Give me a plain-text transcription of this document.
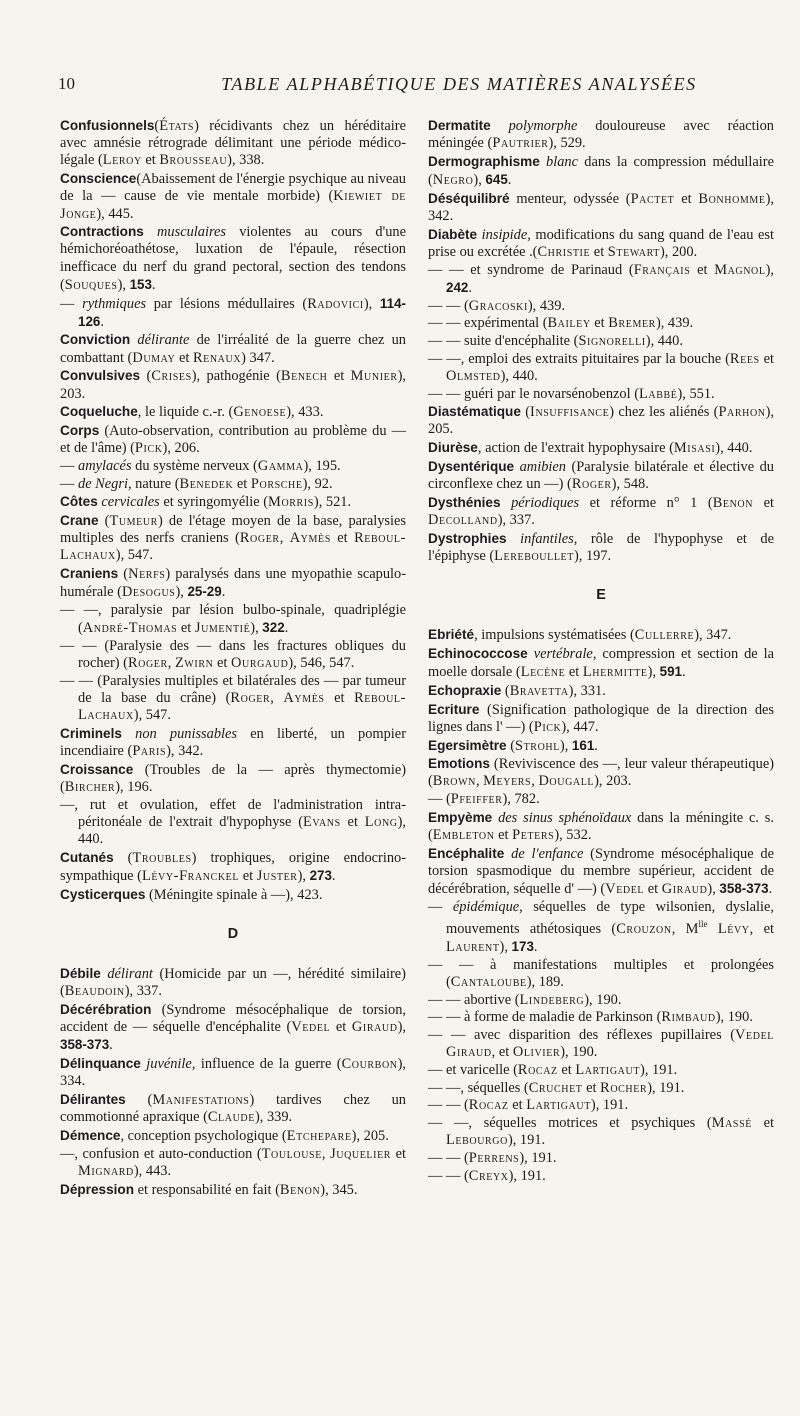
10	TABLE ALPHABÉTIQUE DES MATIÈRES ANALYSÉES

Confusionnels(États) récidivants chez un héréditaire avec amnésie rétrograde délimitant une période médico-légale (Leroy et Brousseau), 338.

Conscience(Abaissement de l'énergie psychique au niveau de la — cause de vie mentale morbide) (Kiewiet de Jonge), 445.

Contractions musculaires violentes au cours d'une hémichoréoathétose, luxation de l'épaule, résection inefficace du nerf du grand pectoral, section des tendons (Souques), 153.

— rythmiques par lésions médullaires (Radovici), 114-126.

Conviction délirante de l'irréalité de la guerre chez un combattant (Dumay et Renaux) 347.

Convulsives (Crises), pathogénie (Benech et Munier), 203.

Coqueluche, le liquide c.-r. (Genoese), 433.

Corps (Auto-observation, contribution au problème du — et de l'âme) (Pick), 206.

— amylacés du système nerveux (Gamma), 195.

— de Negri, nature (Benedek et Porsche), 92.

Côtes cervicales et syringomyélie (Morris), 521.

Crane (Tumeur) de l'étage moyen de la base, paralysies multiples des nerfs craniens (Roger, Aymès et Reboul-Lachaux), 547.

Craniens (Nerfs) paralysés dans une myopathie scapulo-humérale (Desogus), 25-29.

— —, paralysie par lésion bulbo-spinale, quadriplégie (André-Thomas et Jumentié), 322.

— — (Paralysie des — dans les fractures obliques du rocher) (Roger, Zwirn et Ourgaud), 546, 547.

— — (Paralysies multiples et bilatérales des — par tumeur de la base du crâne) (Roger, Aymès et Reboul-Lachaux), 547.

Criminels non punissables en liberté, un pompier incendiaire (Paris), 342.

Croissance (Troubles de la — après thymectomie) (Bircher), 196.

—, rut et ovulation, effet de l'administration intra-péritonéale de l'extrait d'hypophyse (Evans et Long), 440.

Cutanés (Troubles) trophiques, origine endocrino-sympathique (Lévy-Franckel et Juster), 273.

Cysticerques (Méningite spinale à —), 423.

D

Débile délirant (Homicide par un —, hérédité similaire) (Beaudoin), 337.

Décérébration (Syndrome mésocéphalique de torsion, accident de — séquelle d'encéphalite (Vedel et Giraud), 358-373.

Délinquance juvénile, influence de la guerre (Courbon), 334.

Délirantes (Manifestations) tardives chez un commotionné apraxique (Claude), 339.

Démence, conception psychologique (Etchepare), 205.

—, confusion et auto-conduction (Toulouse, Juquelier et Mignard), 443.

Dépression et responsabilité en fait (Benon), 345.

Dermatite polymorphe douloureuse avec réaction méningée (Pautrier), 529.

Dermographisme blanc dans la compression médullaire (Negro), 645.

Déséquilibré menteur, odyssée (Pactet et Bonhomme), 342.

Diabète insipide, modifications du sang quand de l'eau est prise ou excrétée .(Christie et Stewart), 200.

— — et syndrome de Parinaud (Français et Magnol), 242.

— — (Gracoski), 439.

— — expérimental (Bailey et Bremer), 439.

— — suite d'encéphalite (Signorelli), 440.

— —, emploi des extraits pituitaires par la bouche (Rees et Olmsted), 440.

— — guéri par le novarsénobenzol (Labbé), 551.

Diastématique (Insuffisance) chez les aliénés (Parhon), 205.

Diurèse, action de l'extrait hypophysaire (Misasi), 440.

Dysentérique amibien (Paralysie bilatérale et élective du circonflexe chez un —) (Roger), 548.

Dysthénies périodiques et réforme n° 1 (Benon et Decolland), 337.

Dystrophies infantiles, rôle de l'hypophyse et de l'épiphyse (Lereboullet), 197.

E

Ebriété, impulsions systématisées (Cullerre), 347.

Echinococcose vertébrale, compression et section de la moelle dorsale (Lecène et Lhermitte), 591.

Echopraxie (Bravetta), 331.

Ecriture (Signification pathologique de la direction des lignes dans l' —) (Pick), 447.

Egersimètre (Strohl), 161.

Emotions (Reviviscence des —, leur valeur thérapeutique) (Brown, Meyers, Dougall), 203.

— (Pfeiffer), 782.

Empyème des sinus sphénoïdaux dans la méningite c. s. (Embleton et Peters), 532.

Encéphalite de l'enfance (Syndrome mésocéphalique de torsion spasmodique du membre supérieur, accident de décérébration, séquelle d' —) (Vedel et Giraud), 358-373.

— épidémique, séquelles de type wilsonien, dyslalie, mouvements athétosiques (Crouzon, $M^{lle}$ Lévy, et Laurent), 173.

— — à manifestations multiples et prolongées (Cantaloube), 189.

— — abortive (Lindeberg), 190.

— — à forme de maladie de Parkinson (Rimbaud), 190.

— — avec disparition des réflexes pupillaires (Vedel Giraud, et Olivier), 190.

— et varicelle (Rocaz et Lartigaut), 191.

— —, séquelles (Cruchet et Rocher), 191.

— — (Rocaz et Lartigaut), 191.

— —, séquelles motrices et psychiques (Massé et Lebourgo), 191.

— — (Perrens), 191.

— — (Creyx), 191.
